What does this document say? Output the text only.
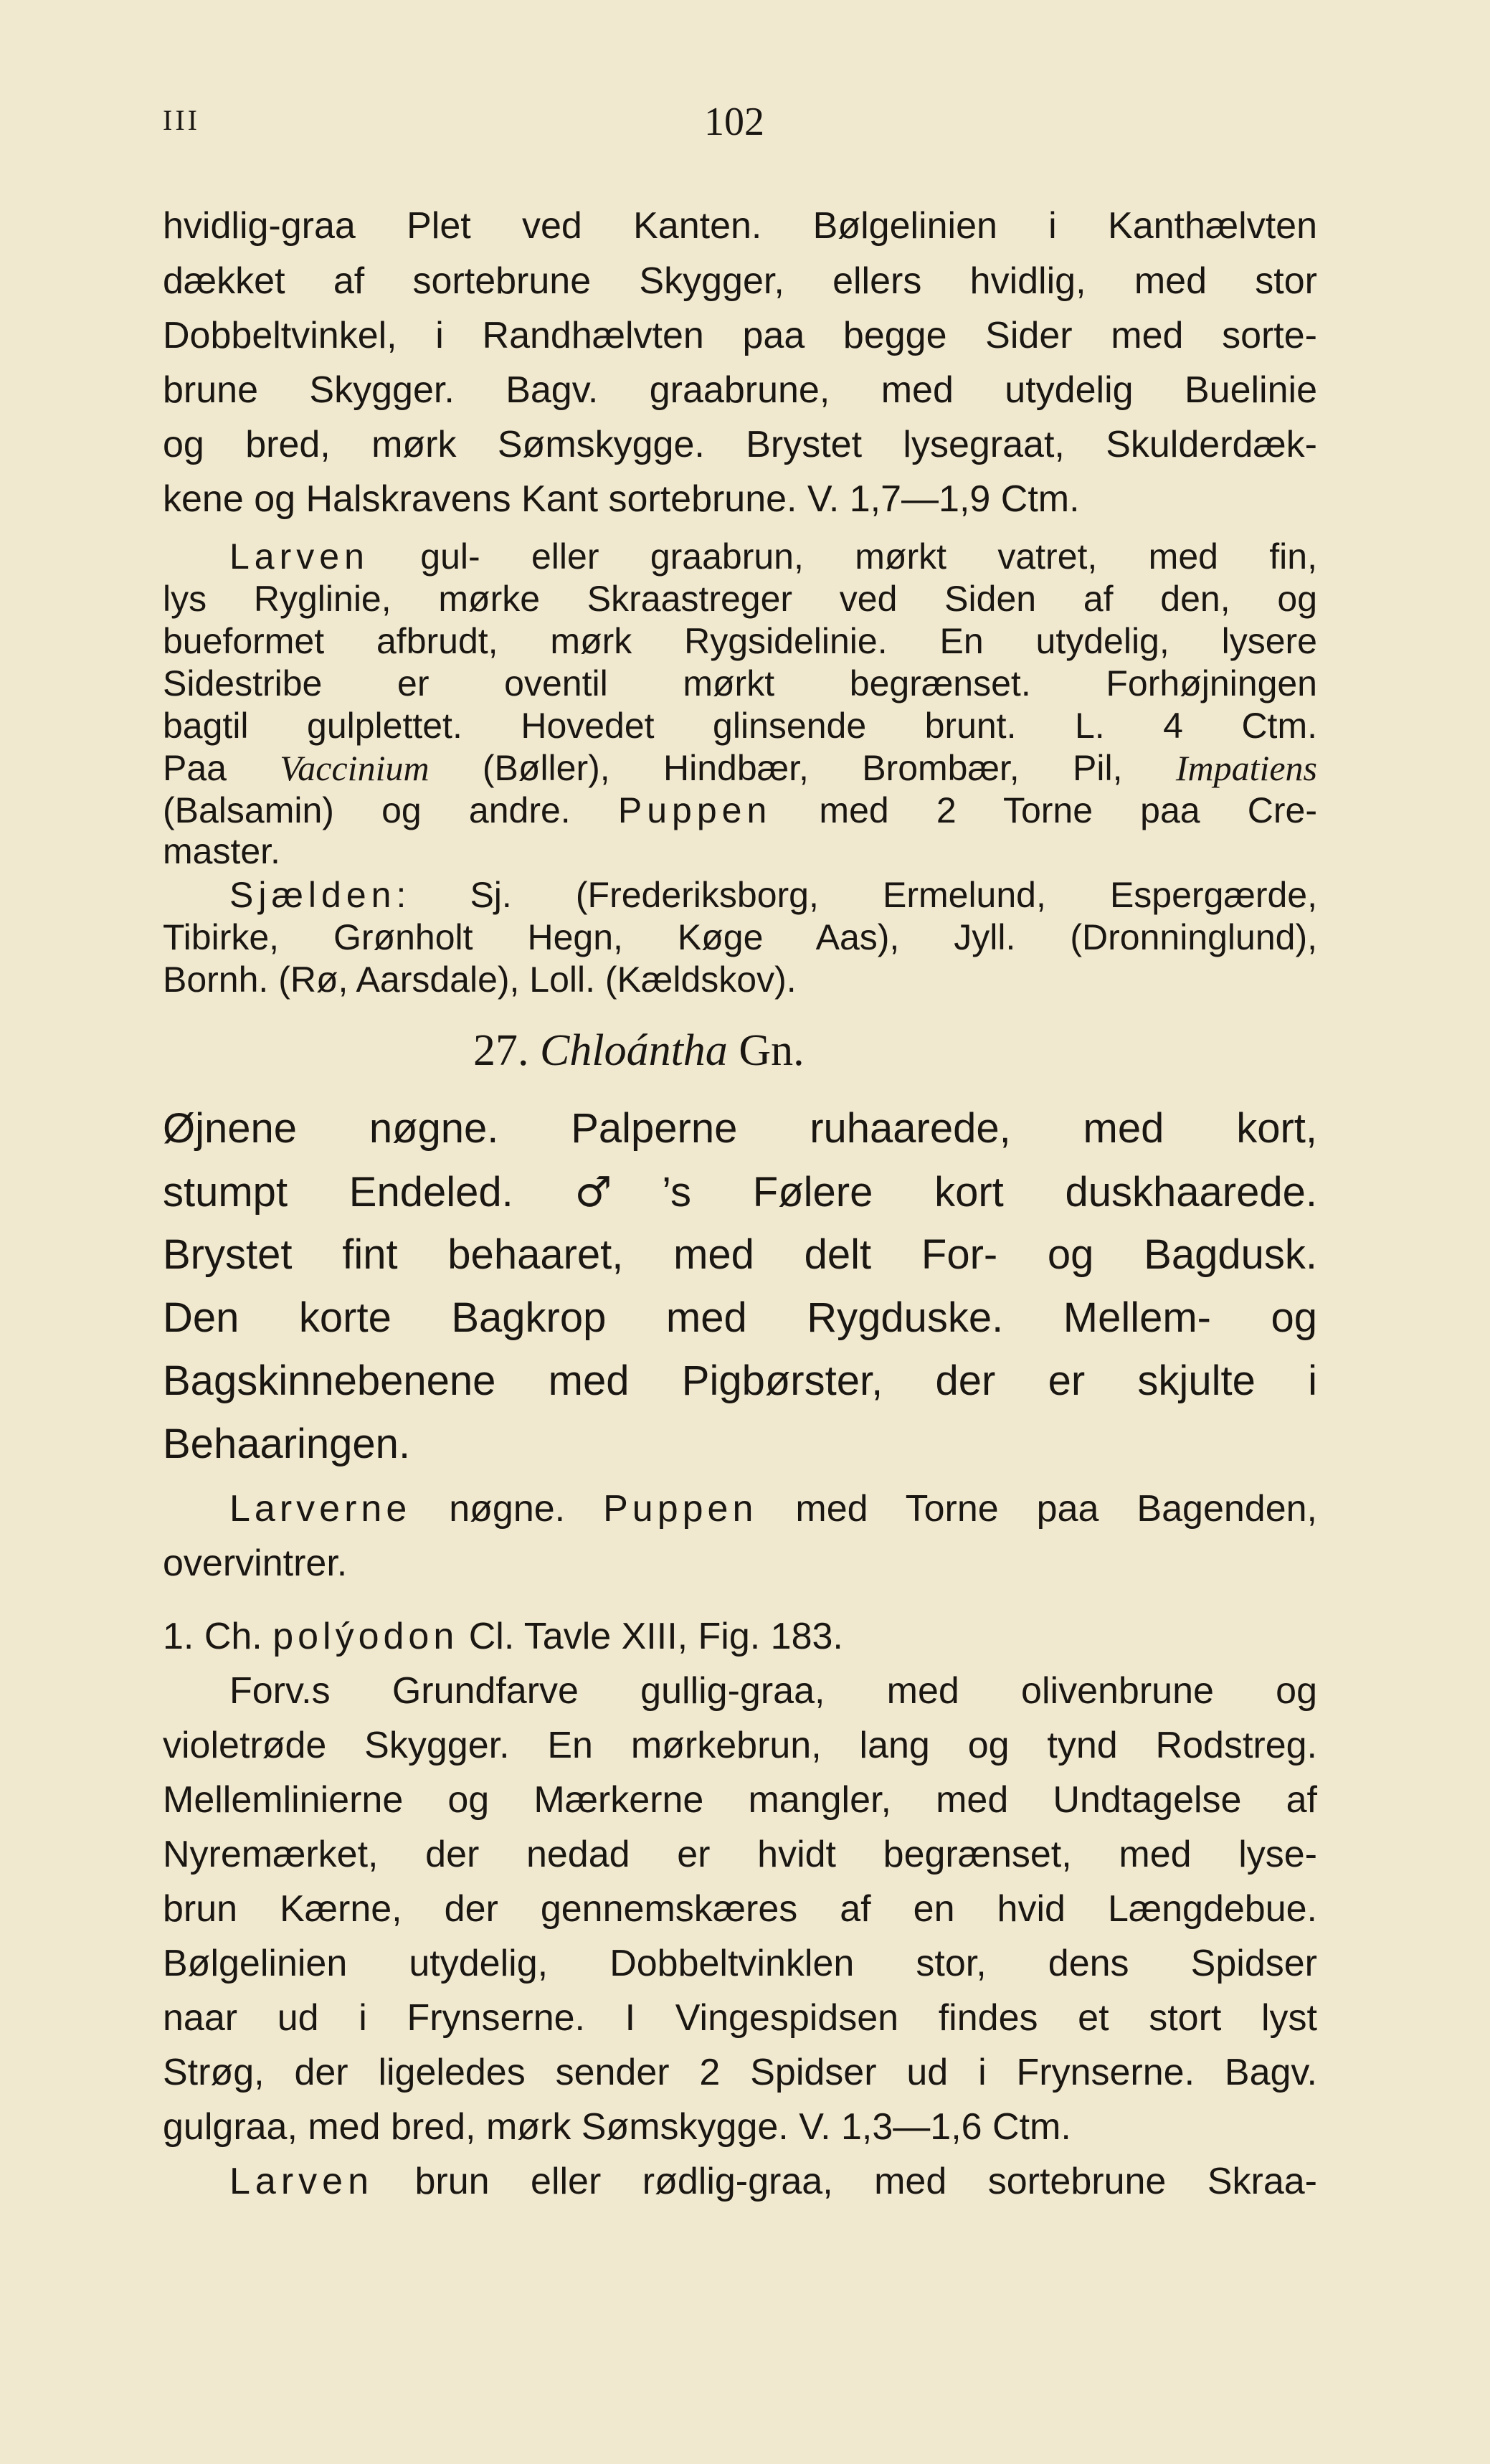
III	102
hvidlig-graa Plet ved Kanten. Bølgelinien i Kanthælvten
dækket af sortebrune Skygger, ellers hvidlig, med stor
Dobbeltvinkel, i Randhælvten paa begge Sider med sorte-
brune Skygger. Bagv. graabrune, med utydelig Buelinie
og bred, mørk Sømskygge. Brystet lysegraat, Skulderdæk-
kene og Halskravens Kant sortebrune. V. 1,7—1,9 Ctm.
Larven gul- eller graabrun, mørkt vatret, med fin,
lys Ryglinie, mørke Skraastreger ved Siden af den, og
bueformet afbrudt, mørk Rygsidelinie. En utydelig, lysere
Sidestribe er oventil mørkt begrænset. Forhøjningen
bagtil gulplettet. Hovedet glinsende brunt. L. 4 Ctm.
Paa Vaccinium (Bøller), Hindbær, Brombær, Pil, Impatiens
(Balsamin) og andre. Puppen med 2 Torne paa Cre-
master.
Sjælden: Sj. (Frederiksborg, Ermelund, Espergærde,
Tibirke, Grønholt Hegn, Køge Aas), Jyll. (Dronninglund),
Bornh. (Rø, Aarsdale), Loll. (Kældskov).
27. Chloántha Gn.
Øjnene nøgne. Palperne ruhaarede, med kort,
stumpt Endeled. ♂’s Følere kort duskhaarede.
Brystet fint behaaret, med delt For- og Bagdusk.
Den korte Bagkrop med Rygduske. Mellem- og
Bagskinnebenene med Pigbørster, der er skjulte i
Behaaringen.
Larverne nøgne. Puppen med Torne paa Bagenden,
overvintrer.
1. Ch. polýodon Cl. Tavle XIII, Fig. 183.
Forv.s Grundfarve gullig-graa, med olivenbrune og
violetrøde Skygger. En mørkebrun, lang og tynd Rodstreg.
Mellemlinierne og Mærkerne mangler, med Undtagelse af
Nyremærket, der nedad er hvidt begrænset, med lyse-
brun Kærne, der gennemskæres af en hvid Længdebue.
Bølgelinien utydelig, Dobbeltvinklen stor, dens Spidser
naar ud i Frynserne. I Vingespidsen findes et stort lyst
Strøg, der ligeledes sender 2 Spidser ud i Frynserne. Bagv.
gulgraa, med bred, mørk Sømskygge. V. 1,3—1,6 Ctm.
Larven brun eller rødlig-graa, med sortebrune Skraa-
